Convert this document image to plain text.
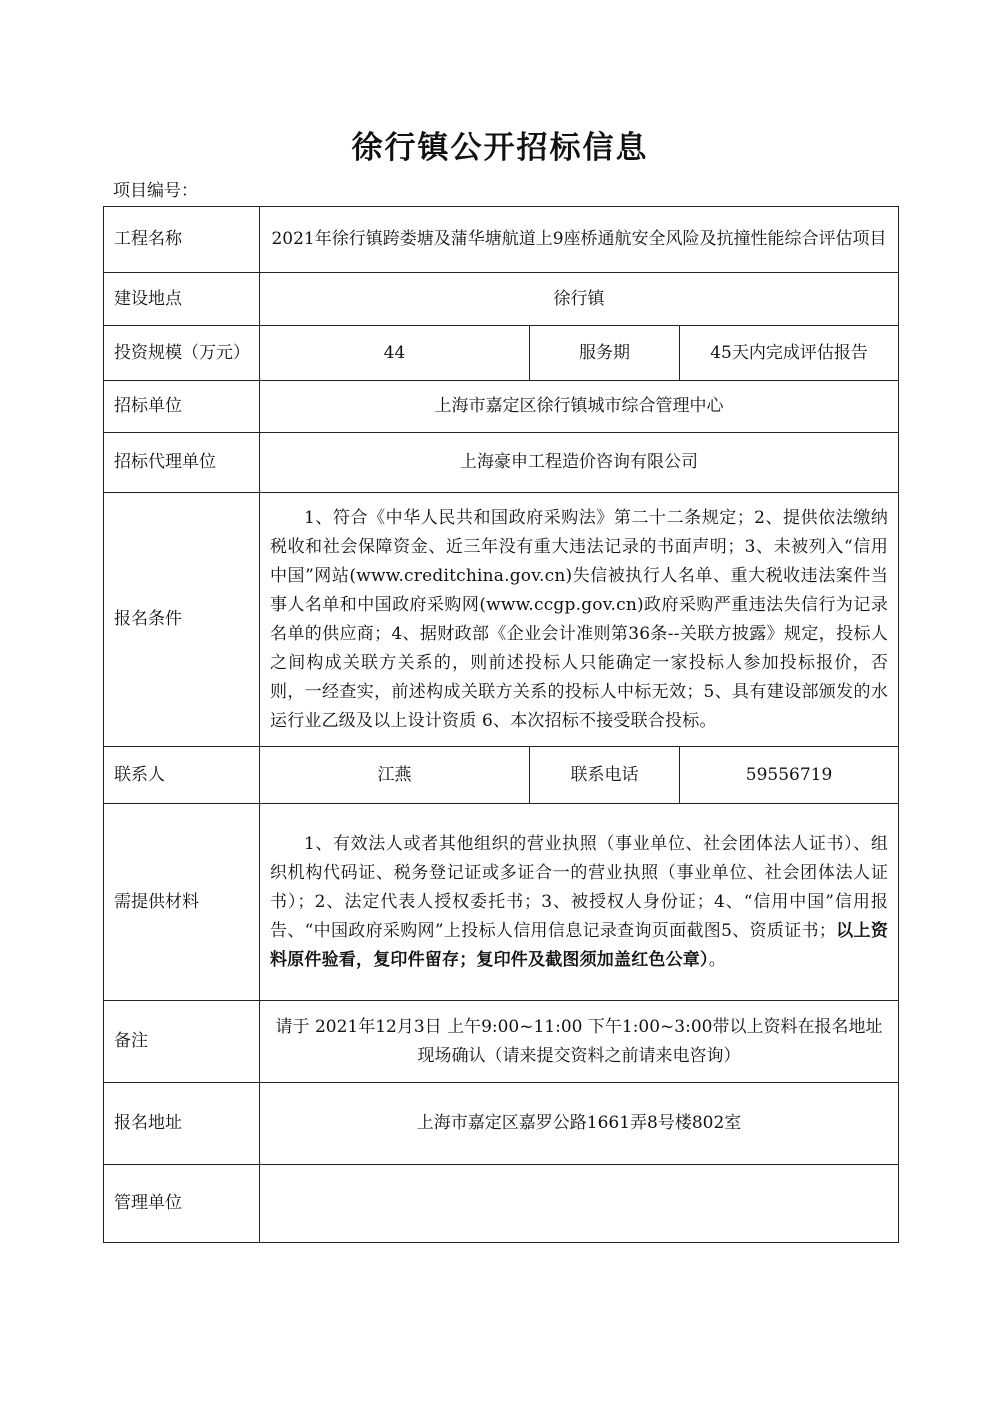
徐行镇公开招标信息
项目编号：
工程名称	2021年徐行镇跨娄塘及蒲华塘航道上9座桥通航安全风险及抗撞性能综合评估项目		
建设地点	徐行镇		
投资规模（万元）	44	服务期	45天内完成评估报告
招标单位	上海市嘉定区徐行镇城市综合管理中心		
招标代理单位	上海豪申工程造价咨询有限公司		
报名条件	1、符合《中华人民共和国政府采购法》第二十二条规定；2、提供依法缴纳税收和社会保障资金、近三年没有重大违法记录的书面声明；3、未被列入“信用中国”网站(www.creditchina.gov.cn)失信被执行人名单、重大税收违法案件当事人名单和中国政府采购网(www.ccgp.gov.cn)政府采购严重违法失信行为记录名单的供应商；4、据财政部《企业会计准则第36条--关联方披露》规定，投标人之间构成关联方关系的，则前述投标人只能确定一家投标人参加投标报价，否则，一经查实，前述构成关联方关系的投标人中标无效；5、具有建设部颁发的水运行业乙级及以上设计资质 6、本次招标不接受联合投标。		
联系人	江燕	联系电话	59556719
需提供材料	1、有效法人或者其他组织的营业执照（事业单位、社会团体法人证书）、组织机构代码证、税务登记证或多证合一的营业执照（事业单位、社会团体法人证书）；2、法定代表人授权委托书；3、被授权人身份证；4、“信用中国”信用报告、“中国政府采购网”上投标人信用信息记录查询页面截图5、资质证书；以上资料原件验看，复印件留存；复印件及截图须加盖红色公章）。		
备注	请于 2021年12月3日 上午9:00~11:00 下午1:00~3:00带以上资料在报名地址现场确认（请来提交资料之前请来电咨询）		
报名地址	上海市嘉定区嘉罗公路1661弄8号楼802室		
管理单位			
